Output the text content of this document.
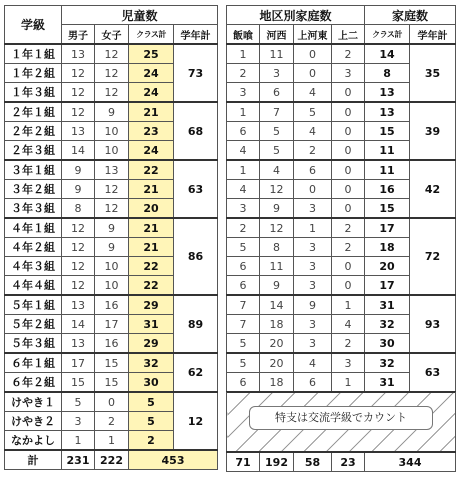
学級	児童数			
	男子	女子	クラス計	学年計
１年１組	13	12	25	73
１年２組	12	12	24	
１年３組	12	12	24	
２年１組	12	9	21	68
２年２組	13	10	23	
２年３組	14	10	24	
３年１組	9	13	22	63
３年２組	9	12	21	
３年３組	8	12	20	
４年１組	12	9	21	86
４年２組	12	9	21	
４年３組	12	10	22	
４年４組	12	10	22	
５年１組	13	16	29	89
５年２組	14	17	31	
５年３組	13	16	29	
６年１組	17	15	32	62
６年２組	15	15	30	
けやき１	5	0	5	12
けやき２	3	2	5	
なかよし	1	1	2	
計	231	222	453	
地区別家庭数				家庭数	
飯喰	河西	上河東	上二	クラス計	学年計
1	11	0	2	14	35
2	3	0	3	8	
3	6	4	0	13	
1	7	5	0	13	39
6	5	4	0	15	
4	5	2	0	11	
1	4	6	0	11	42
4	12	0	0	16	
3	9	3	0	15	
2	12	1	2	17	72
5	8	3	2	18	
6	11	3	0	20	
6	9	3	0	17	
7	14	9	1	31	93
7	18	3	4	32	
5	20	3	2	30	
5	20	4	3	32	63
6	18	6	1	31	

特支は交流学級でカウント					

71	192	58	23	344	
